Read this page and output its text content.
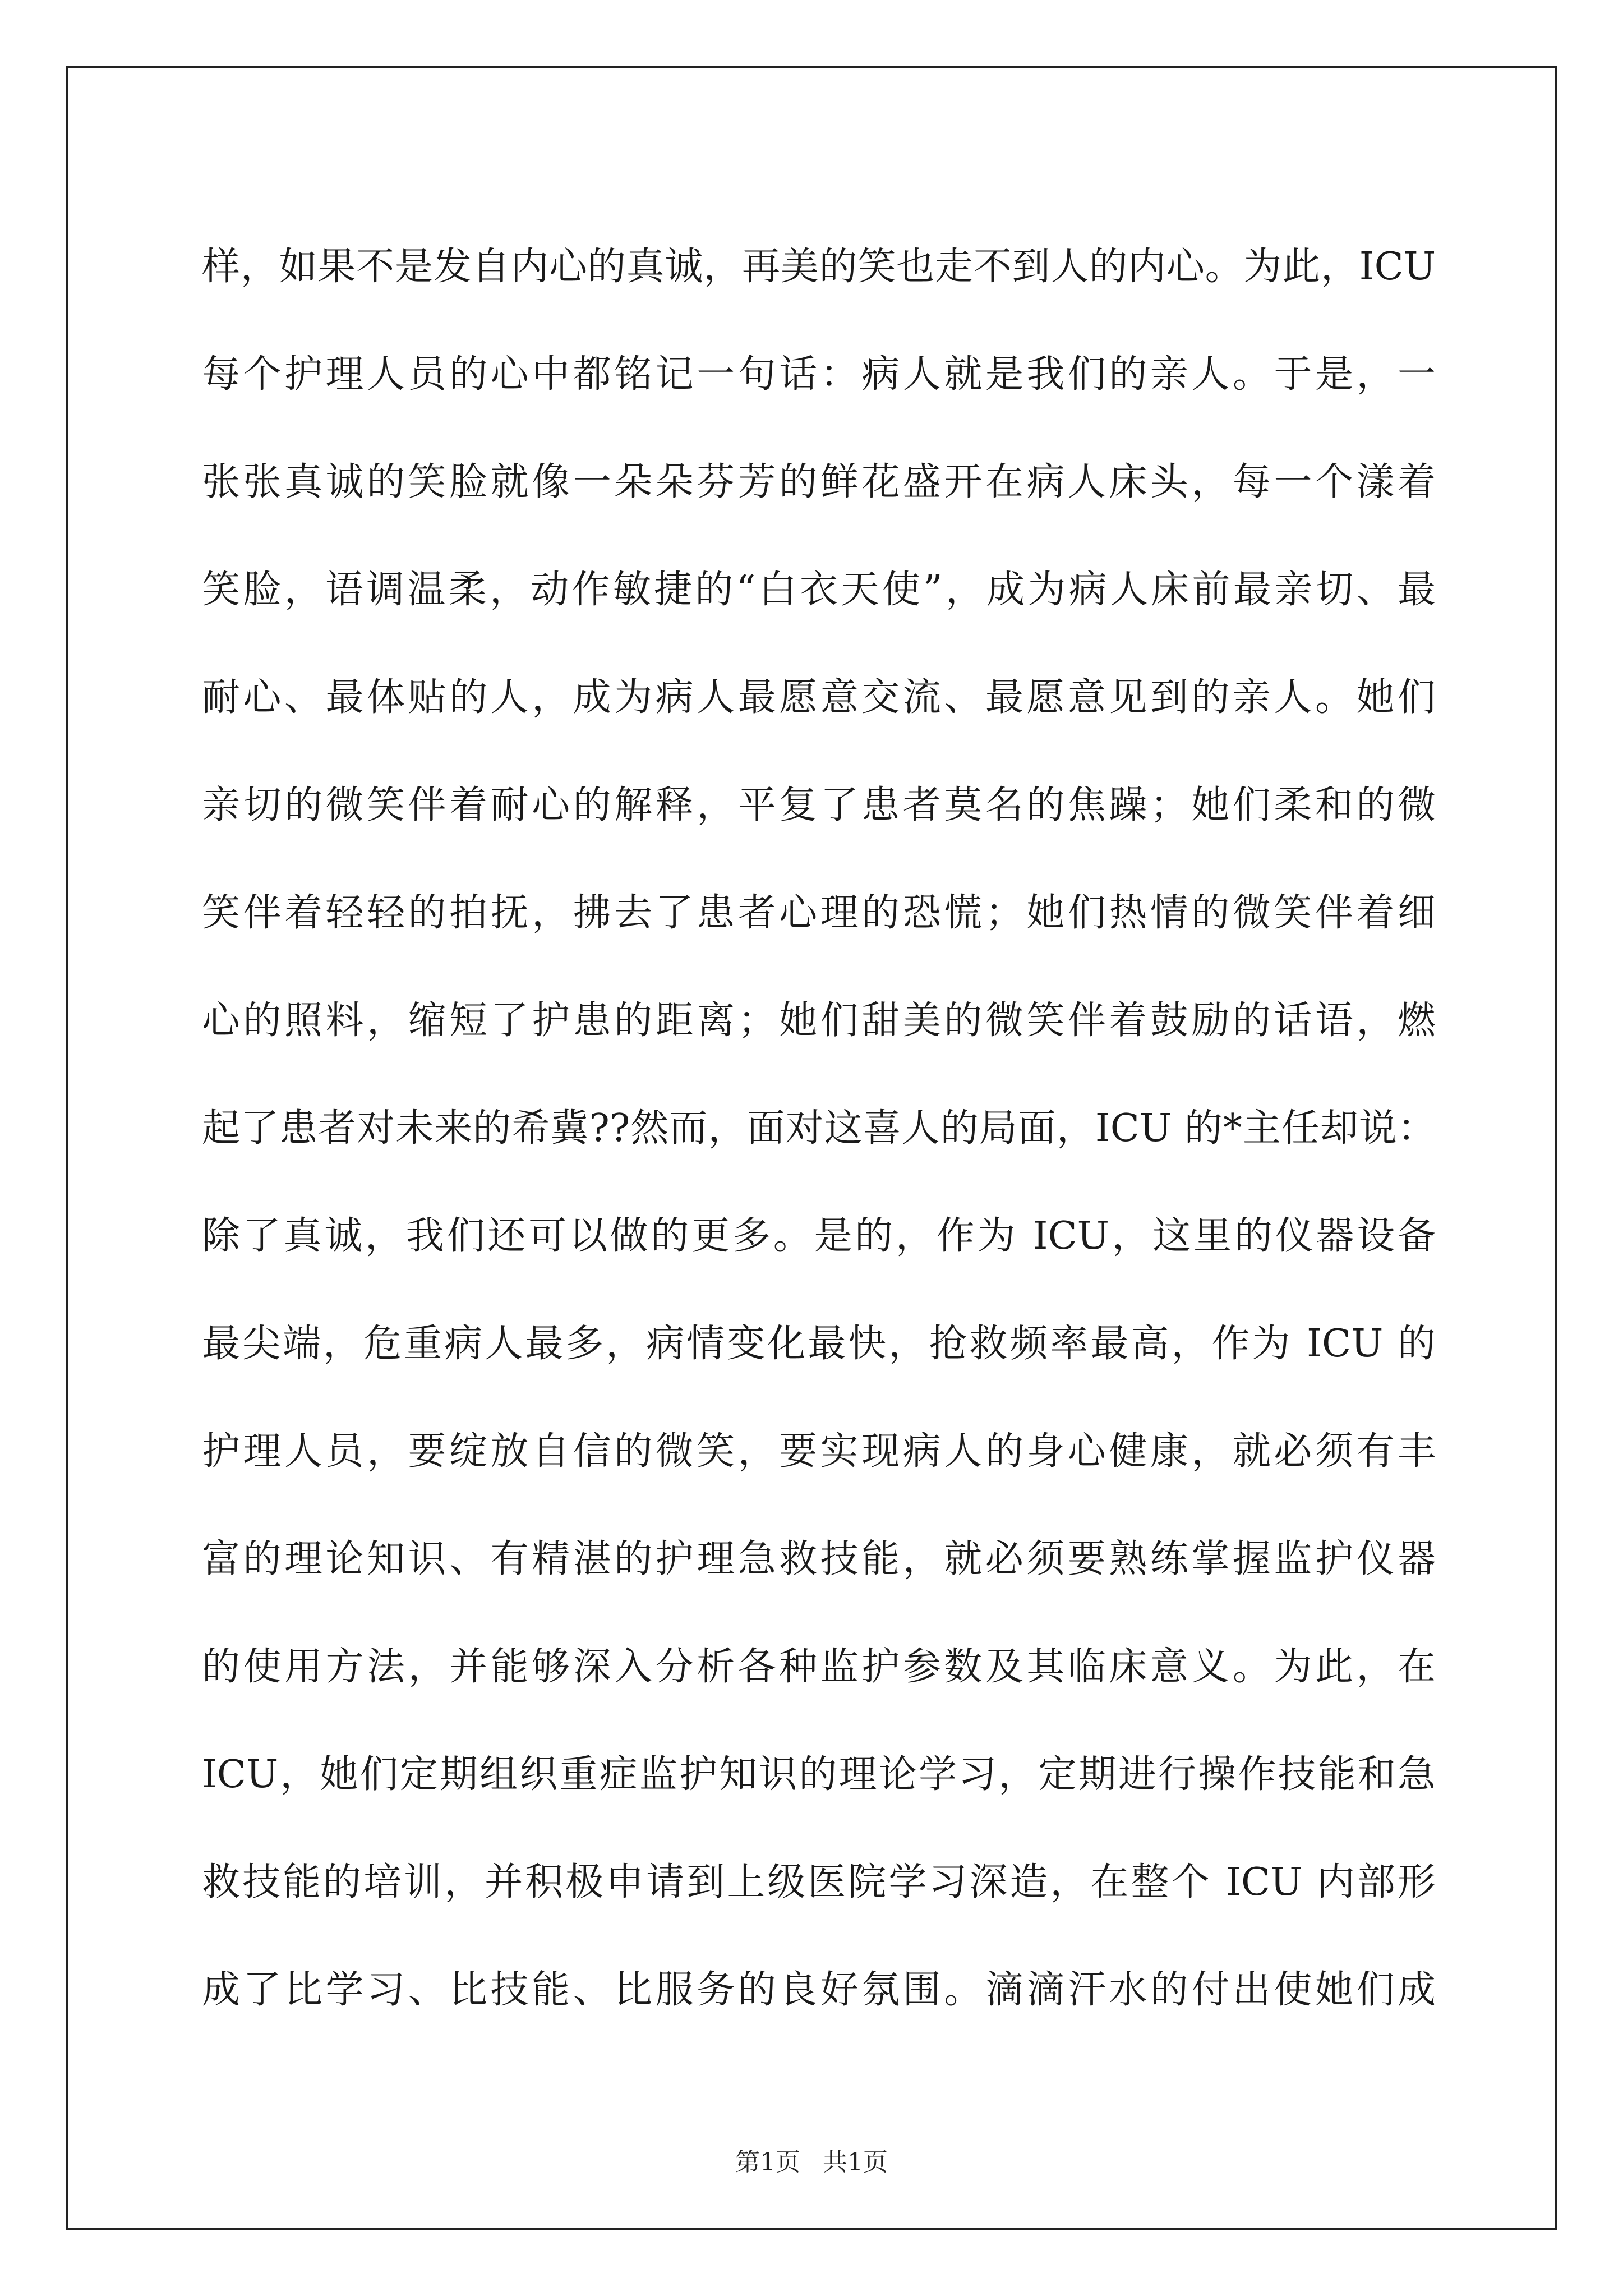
样，如果不是发自内心的真诚，再美的笑也走不到人的内心。为此，ICU
每个护理人员的心中都铭记一句话：病人就是我们的亲人。于是，一
张张真诚的笑脸就像一朵朵芬芳的鲜花盛开在病人床头，每一个漾着
笑脸，语调温柔，动作敏捷的“白衣天使”，成为病人床前最亲切、最
耐心、最体贴的人，成为病人最愿意交流、最愿意见到的亲人。她们
亲切的微笑伴着耐心的解释，平复了患者莫名的焦躁；她们柔和的微
笑伴着轻轻的拍抚，拂去了患者心理的恐慌；她们热情的微笑伴着细
心的照料，缩短了护患的距离；她们甜美的微笑伴着鼓励的话语，燃
起了患者对未来的希冀??然而，面对这喜人的局面，ICU 的*主任却说：
除了真诚，我们还可以做的更多。是的，作为 ICU，这里的仪器设备
最尖端，危重病人最多，病情变化最快，抢救频率最高，作为 ICU 的
护理人员，要绽放自信的微笑，要实现病人的身心健康，就必须有丰
富的理论知识、有精湛的护理急救技能，就必须要熟练掌握监护仪器
的使用方法，并能够深入分析各种监护参数及其临床意义。为此，在
ICU，她们定期组织重症监护知识的理论学习，定期进行操作技能和急
救技能的培训，并积极申请到上级医院学习深造，在整个 ICU 内部形
成了比学习、比技能、比服务的良好氛围。滴滴汗水的付出使她们成
第1页 共1页
